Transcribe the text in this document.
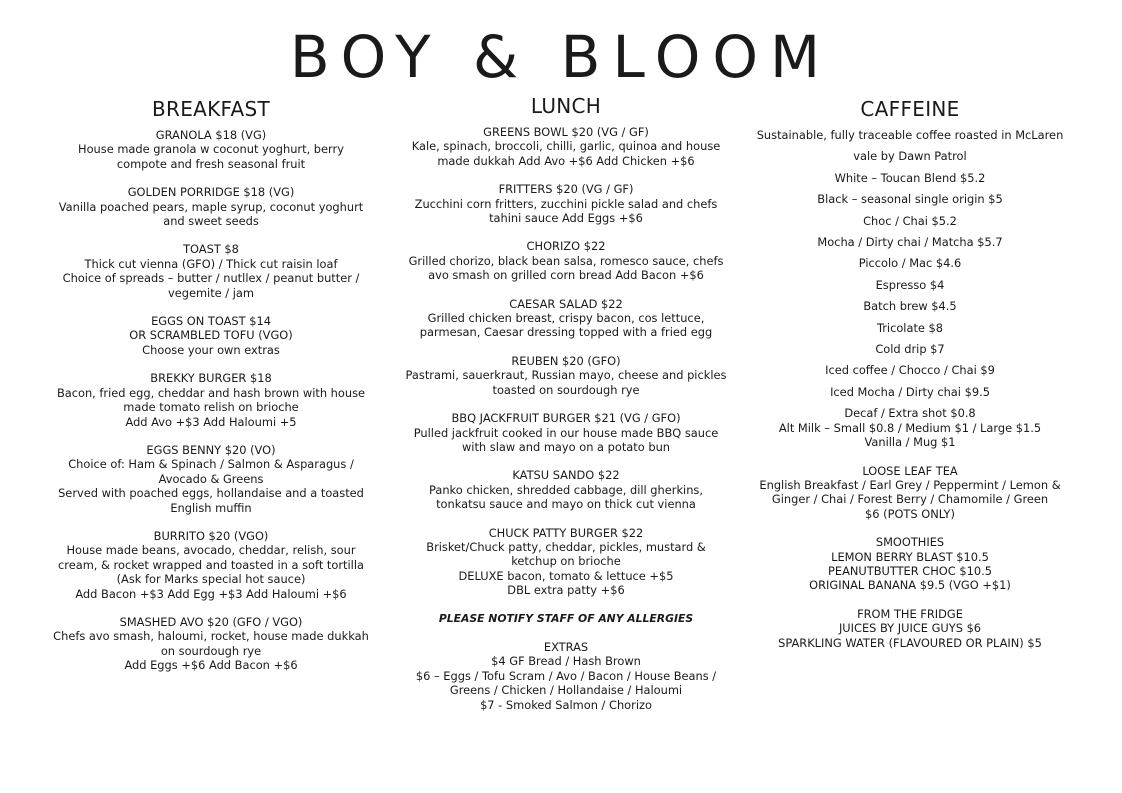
BOY & BLOOM
BREAKFAST
GRANOLA $18 (VG)
House made granola w coconut yoghurt, berry
compote and fresh seasonal fruit
GOLDEN PORRIDGE $18 (VG)
Vanilla poached pears, maple syrup, coconut yoghurt
and sweet seeds
TOAST $8
Thick cut vienna (GFO) / Thick cut raisin loaf
Choice of spreads – butter / nutllex / peanut butter /
vegemite / jam
EGGS ON TOAST $14
OR SCRAMBLED TOFU (VGO)
Choose your own extras
BREKKY BURGER $18
Bacon, fried egg, cheddar and hash brown with house
made tomato relish on brioche
Add Avo +$3 Add Haloumi +5
EGGS BENNY $20 (VO)
Choice of: Ham & Spinach / Salmon & Asparagus /
Avocado & Greens
Served with poached eggs, hollandaise and a toasted
English muffin
BURRITO $20 (VGO)
House made beans, avocado, cheddar, relish, sour
cream, & rocket wrapped and toasted in a soft tortilla
(Ask for Marks special hot sauce)
Add Bacon +$3 Add Egg +$3 Add Haloumi +$6
SMASHED AVO $20 (GFO / VGO)
Chefs avo smash, haloumi, rocket, house made dukkah
on sourdough rye
Add Eggs +$6 Add Bacon +$6
LUNCH
GREENS BOWL $20 (VG / GF)
Kale, spinach, broccoli, chilli, garlic, quinoa and house
made dukkah Add Avo +$6 Add Chicken +$6
FRITTERS $20 (VG / GF)
Zucchini corn fritters, zucchini pickle salad and chefs
tahini sauce Add Eggs +$6
CHORIZO $22
Grilled chorizo, black bean salsa, romesco sauce, chefs
avo smash on grilled corn bread Add Bacon +$6
CAESAR SALAD $22
Grilled chicken breast, crispy bacon, cos lettuce,
parmesan, Caesar dressing topped with a fried egg
REUBEN $20 (GFO)
Pastrami, sauerkraut, Russian mayo, cheese and pickles
toasted on sourdough rye
BBQ JACKFRUIT BURGER $21 (VG / GFO)
Pulled jackfruit cooked in our house made BBQ sauce
with slaw and mayo on a potato bun
KATSU SANDO $22
Panko chicken, shredded cabbage, dill gherkins,
tonkatsu sauce and mayo on thick cut vienna
CHUCK PATTY BURGER $22
Brisket/Chuck patty, cheddar, pickles, mustard &
ketchup on brioche
DELUXE bacon, tomato & lettuce +$5
DBL extra patty +$6
PLEASE NOTIFY STAFF OF ANY ALLERGIES
EXTRAS
$4 GF Bread / Hash Brown
$6 – Eggs / Tofu Scram / Avo / Bacon / House Beans /
Greens / Chicken / Hollandaise / Haloumi
$7 - Smoked Salmon / Chorizo
CAFFEINE
Sustainable, fully traceable coffee roasted in McLaren
vale by Dawn Patrol
White – Toucan Blend $5.2
Black – seasonal single origin $5
Choc / Chai $5.2
Mocha / Dirty chai / Matcha $5.7
Piccolo / Mac $4.6
Espresso $4
Batch brew $4.5
Tricolate $8
Cold drip $7
Iced coffee / Chocco / Chai $9
Iced Mocha / Dirty chai $9.5
Decaf / Extra shot $0.8
Alt Milk – Small $0.8 / Medium $1 / Large $1.5
Vanilla / Mug $1
LOOSE LEAF TEA
English Breakfast / Earl Grey / Peppermint / Lemon &
Ginger / Chai / Forest Berry / Chamomile / Green
$6 (POTS ONLY)
SMOOTHIES
LEMON BERRY BLAST $10.5
PEANUTBUTTER CHOC $10.5
ORIGINAL BANANA $9.5 (VGO +$1)
FROM THE FRIDGE
JUICES BY JUICE GUYS $6
SPARKLING WATER (FLAVOURED OR PLAIN) $5
